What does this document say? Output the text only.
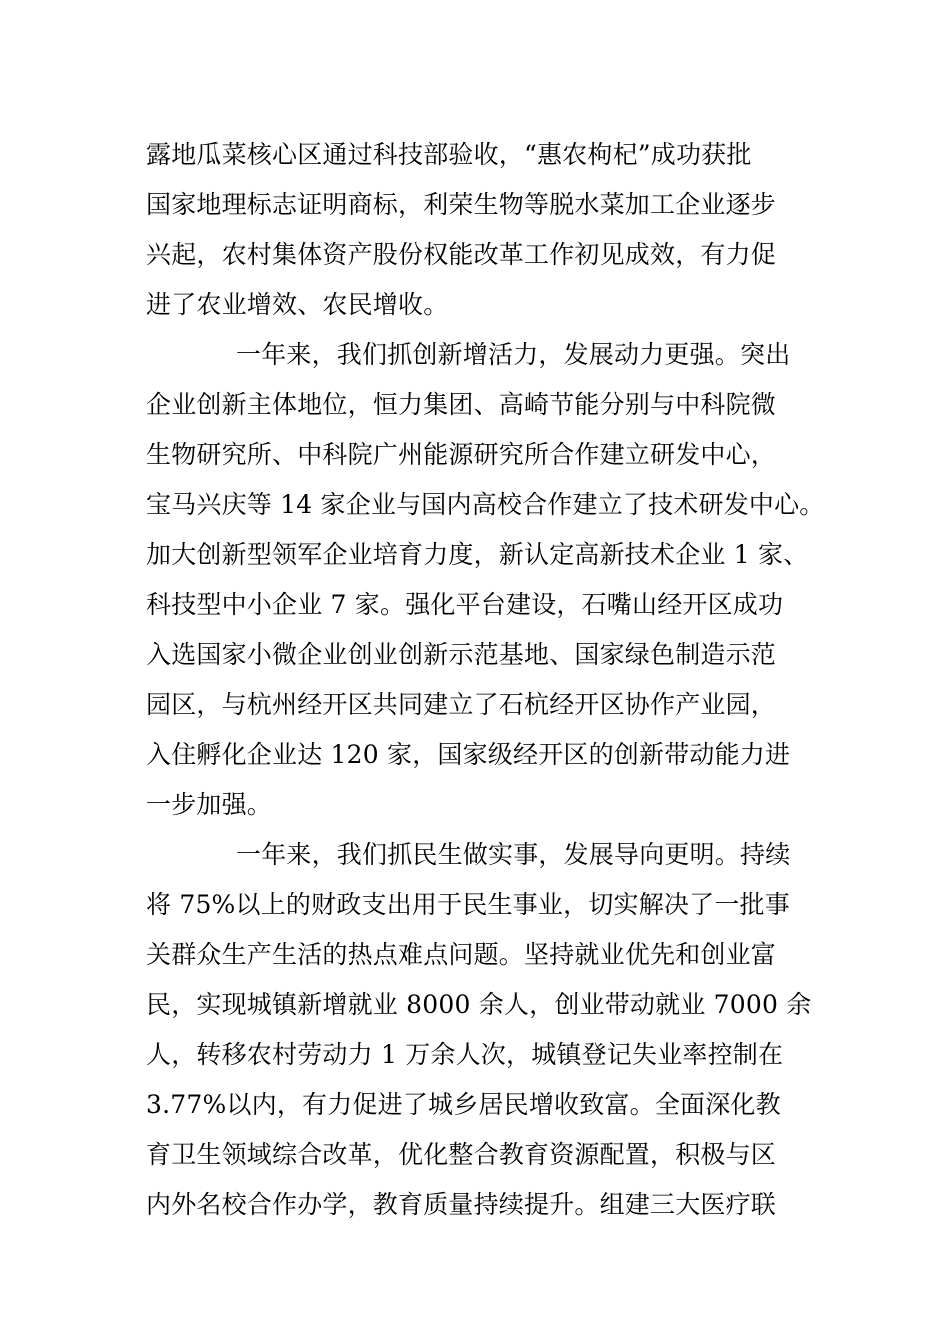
露地瓜菜核心区通过科技部验收，“惠农枸杞”成功获批
国家地理标志证明商标，利荣生物等脱水菜加工企业逐步
兴起，农村集体资产股份权能改革工作初见成效，有力促
进了农业增效、农民增收。
一年来，我们抓创新增活力，发展动力更强。突出
企业创新主体地位，恒力集团、高崎节能分别与中科院微
生物研究所、中科院广州能源研究所合作建立研发中心，
宝马兴庆等 14 家企业与国内高校合作建立了技术研发中心。
加大创新型领军企业培育力度，新认定高新技术企业 1 家、
科技型中小企业 7 家。强化平台建设，石嘴山经开区成功
入选国家小微企业创业创新示范基地、国家绿色制造示范
园区，与杭州经开区共同建立了石杭经开区协作产业园，
入住孵化企业达 120 家，国家级经开区的创新带动能力进
一步加强。
一年来，我们抓民生做实事，发展导向更明。持续
将 75%以上的财政支出用于民生事业，切实解决了一批事
关群众生产生活的热点难点问题。坚持就业优先和创业富
民，实现城镇新增就业 8000 余人，创业带动就业 7000 余
人，转移农村劳动力 1 万余人次，城镇登记失业率控制在
3.77%以内，有力促进了城乡居民增收致富。全面深化教
育卫生领域综合改革，优化整合教育资源配置，积极与区
内外名校合作办学，教育质量持续提升。组建三大医疗联
